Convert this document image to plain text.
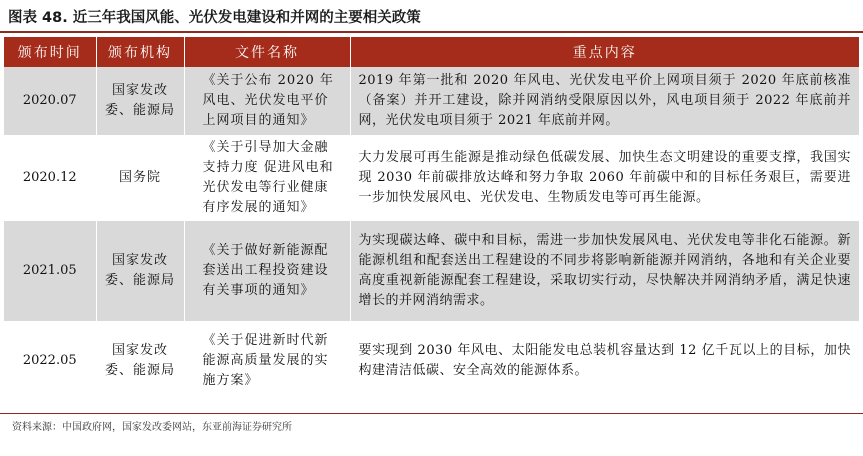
图表 48. 近三年我国风能、光伏发电建设和并网的主要相关政策
颁布时间	颁布机构	文件名称	重点内容
2020.07	国家发改委、能源局	《关于公布 2020 年风电、光伏发电平价上网项目的通知》	2019 年第一批和 2020 年风电、光伏发电平价上网项目须于 2020 年底前核准（备案）并开工建设，除并网消纳受限原因以外，风电项目须于 2022 年底前并网，光伏发电项目须于 2021 年底前并网。
2020.12	国务院	《关于引导加大金融支持力度 促进风电和光伏发电等行业健康有序发展的通知》	大力发展可再生能源是推动绿色低碳发展、加快生态文明建设的重要支撑，我国实现 2030 年前碳排放达峰和努力争取 2060 年前碳中和的目标任务艰巨，需要进一步加快发展风电、光伏发电、生物质发电等可再生能源。
2021.05	国家发改委、能源局	《关于做好新能源配套送出工程投资建设有关事项的通知》	为实现碳达峰、碳中和目标，需进一步加快发展风电、光伏发电等非化石能源。新能源机组和配套送出工程建设的不同步将影响新能源并网消纳，各地和有关企业要高度重视新能源配套工程建设，采取切实行动，尽快解决并网消纳矛盾，满足快速增长的并网消纳需求。
2022.05	国家发改委、能源局	《关于促进新时代新能源高质量发展的实施方案》	要实现到 2030 年风电、太阳能发电总装机容量达到 12 亿千瓦以上的目标，加快构建清洁低碳、安全高效的能源体系。
资料来源：中国政府网，国家发改委网站，东亚前海证券研究所
